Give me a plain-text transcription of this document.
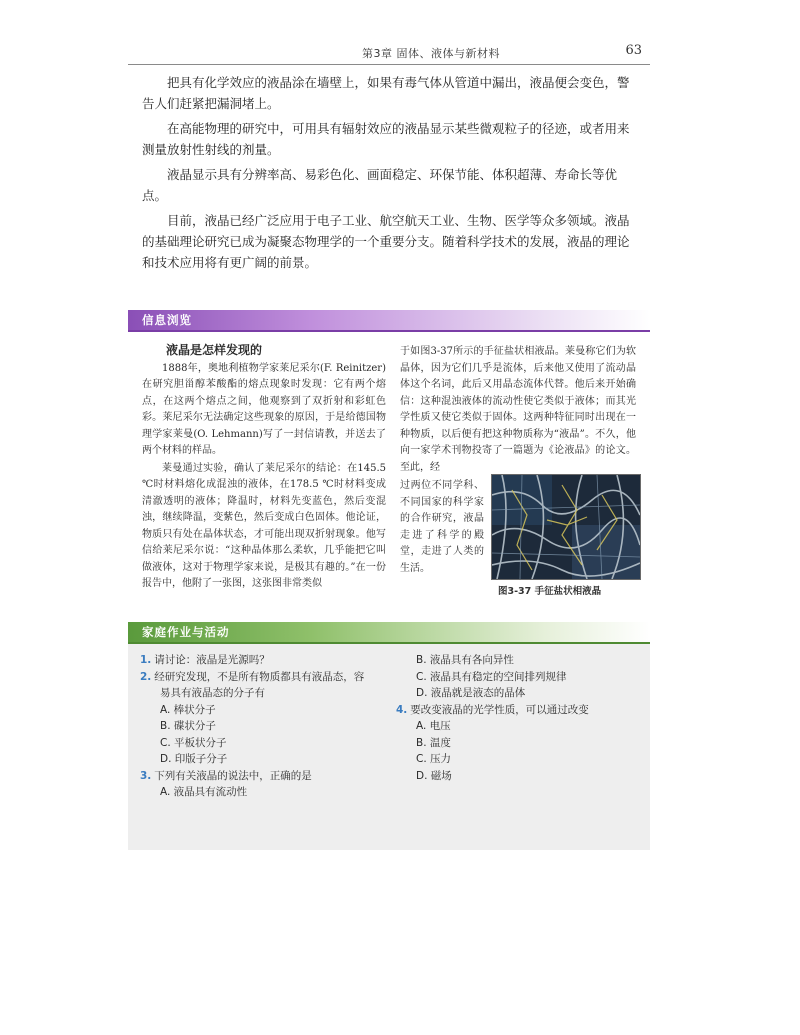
第3章 固体、液体与新材料	63

把具有化学效应的液晶涂在墙壁上，如果有毒气体从管道中漏出，液晶便会变色，警告人们赶紧把漏洞堵上。

在高能物理的研究中，可用具有辐射效应的液晶显示某些微观粒子的径迹，或者用来测量放射性射线的剂量。

液晶显示具有分辨率高、易彩色化、画面稳定、环保节能、体积超薄、寿命长等优点。

目前，液晶已经广泛应用于电子工业、航空航天工业、生物、医学等众多领域。液晶的基础理论研究已成为凝聚态物理学的一个重要分支。随着科学技术的发展，液晶的理论和技术应用将有更广阔的前景。

信息浏览
液晶是怎样发现的

1888年，奥地利植物学家莱尼采尔(F. Reinitzer)在研究胆甾醇苯酸酯的熔点现象时发现：它有两个熔点，在这两个熔点之间，他观察到了双折射和彩虹色彩。莱尼采尔无法确定这些现象的原因，于是给德国物理学家莱曼(O. Lehmann)写了一封信请教，并送去了两个材料的样品。

莱曼通过实验，确认了莱尼采尔的结论：在145.5 ℃时材料熔化成混浊的液体，在178.5 ℃时材料变成清澈透明的液体；降温时，材料先变蓝色，然后变混浊，继续降温，变紫色，然后变成白色固体。他论证，物质只有处在晶体状态，才可能出现双折射现象。他写信给莱尼采尔说：“这种晶体那么柔软，几乎能把它叫做液体，这对于物理学家来说，是极其有趣的。”在一份报告中，他附了一张图，这张图非常类似

于如图3-37所示的手征盐状相液晶。莱曼称它们为软晶体，因为它们几乎是流体，后来他又使用了流动晶体这个名词，此后又用晶态流体代替。他后来开始确信：这种混浊液体的流动性使它类似于液体；而其光学性质又使它类似于固体。这两种特征同时出现在一种物质，以后便有把这种物质称为“液晶”。不久，他向一家学术刊物投寄了一篇题为《论液晶》的论文。至此，经

过两位不同学科、不同国家的科学家的合作研究，液晶走进了科学的殿堂，走进了人类的生活。

图3-37 手征盐状相液晶
家庭作业与活动

1. 请讨论：液晶是光源吗？

2. 经研究发现，不是所有物质都具有液晶态，容

易具有液晶态的分子有

A. 棒状分子

B. 碟状分子

C. 平板状分子

D. 印版子分子

3. 下列有关液晶的说法中，正确的是

A. 液晶具有流动性

B. 液晶具有各向异性

C. 液晶具有稳定的空间排列规律

D. 液晶就是液态的晶体

4. 要改变液晶的光学性质，可以通过改变

A. 电压

B. 温度

C. 压力

D. 磁场
